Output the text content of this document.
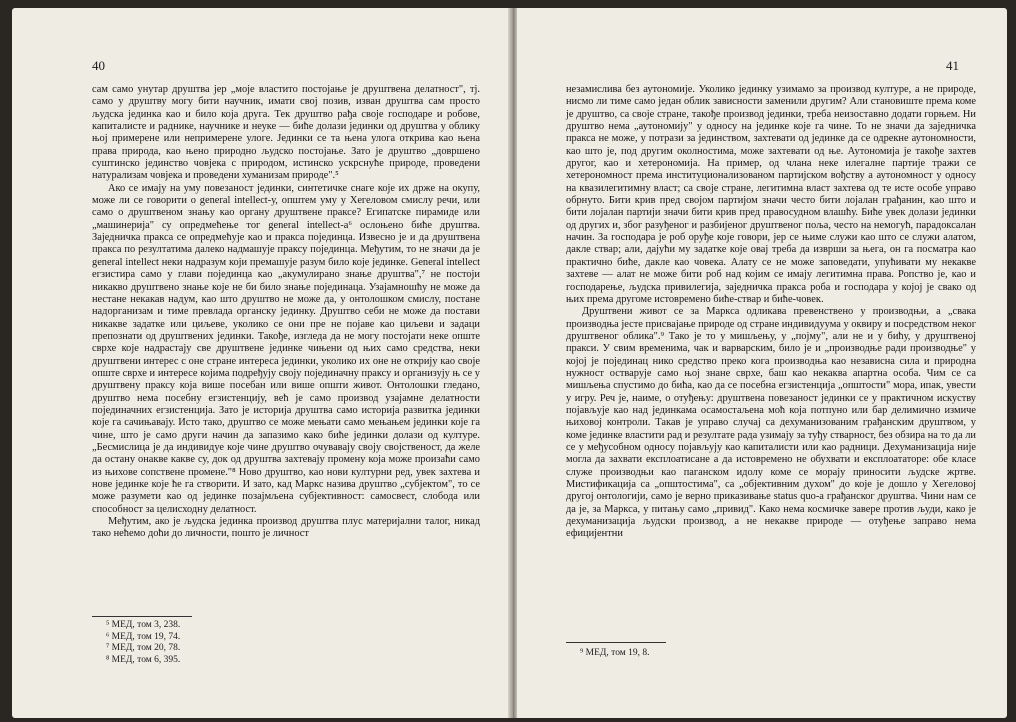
40

сам само унутар друштва јер „моје властито постојање је друштвена делатност", тј. само у друштву могу бити научник, имати свој позив, изван друштва сам просто људска јединка као и било која друга. Тек друштво рађа своје господаре и робове, капиталисте и раднике, научнике и неуке — биће долази јединки од друштва у облику њој примерене или непримерене улоге. Јединки се та њена улога открива као њена права природа, као њено природно људско постојање. Зато је друштво „довршено суштинско јединство човјека с природом, истинско ускрснуће природе, проведени натурализам човјека и проведени хуманизам природе".⁵

Ако се имају на уму повезаност јединки, синтетичке снаге које их држе на окупу, може ли се говорити о general intellect-у, општем уму у Хегеловом смислу речи, или само о друштвеном знању као органу друштвене праксе? Египатске пирамиде или „машинерија" су опредмећење тог general intellect-а⁶ ослоњено биће друштва. Заједничка пракса се опредмећује као и пракса појединца. Извесно је и да друштвена пракса по резултатима далеко надмашује праксу појединца. Међутим, то не значи да је general intellect неки надразум који премашује разум било које јединке. General intellect егзистира само у глави појединца као „акумулирано знање друштва",⁷ не постоји никакво друштвено знање које не би било знање појединаца. Узајамношћу не може да нестане некакав надум, као што друштво не може да, у онтолошком смислу, постане надорганизам и тиме превлада органску јединку. Друштво себи не може да постави никакве задатке или циљеве, уколико се они пре не појаве као циљеви и задаци препознати од друштвених јединки. Такође, изгледа да не могу постојати неке опште сврхе које надрастају све друштвене јединке чињени од њих само средства, неки друштвени интерес с оне стране интереса јединки, уколико их оне не открију као своје опште сврхе и интересе којима подређују своју појединачну праксу и организују њ се у друштвену праксу која више посебан или више општи живот. Онтолошки гледано, друштво нема посебну егзистенцију, већ је само производ узајамне делатности појединачних егзистенција. Зато је историја друштва само историја развитка јединки које га сачињавају. Исто тако, друштво се може мењати само мењањем јединки које га чине, што је само други начин да запазимо како биће јединки долази од културе. „Бесмислица је да индивидуе које чине друштво очувавају своју својственост, да желе да остану онакве какве су, док од друштва захтевају промену која може произаћи само из њихове сопствене промене."⁸ Ново друштво, као нови културни ред, увек захтева и нове јединке које ће га створити. И зато, кад Маркс назива друштво „субјектом", то се може разумети као од јединке позајмљена субјективност: самосвест, слобода или способност за целисходну делатност.

Међутим, ако је људска јединка производ друштва плус материјални талог, никад тако нећемо доћи до личности, пошто је личност

⁵ МЕД, том 3, 238.
⁶ МЕД, том 19, 74.
⁷ МЕД, том 20, 78.
⁸ МЕД, том 6, 395.
41

незамислива без аутономије. Уколико јединку узимамо за производ културе, а не природе, нисмо ли тиме само један облик зависности заменили другим? Али становиште према коме је друштво, са своје стране, такође производ јединки, треба неизоставно додати горњем. Ни друштво нема „аутономију" у односу на јединке које га чине. То не значи да заједничка пракса не може, у потрази за јединством, захтевати од јединке да се одрекне аутономности, као што је, под другим околностима, може захтевати од ње. Аутономија је такође захтев другог, као и хетерономија. На пример, од члана неке илегалне партије тражи се хетерономност према институционализованом партијском вођству а аутономност у односу на квазилегитимну власт; са своје стране, легитимна власт захтева од те исте особе управо обрнуто. Бити крив пред својом партијом значи често бити лојалан грађанин, као што и бити лојалан партији значи бити крив пред правосудном влашћу. Биће увек долази јединки од других и, због разуђеног и разбијеног друштвеног поља, често на немогућ, парадоксалан начин. За господара је роб оруђе које говори, јер се њиме служи као што се служи алатом, дакле ствар; али, дајући му задатке које овај треба да изврши за њега, он га посматра као практично биће, дакле као човека. Алату се не може заповедати, упућивати му некакве захтеве — алат не може бити роб над којим се имају легитимна права. Ропство је, као и господарење, људска привилегија, заједничка пракса роба и господара у којој је свако од њих према другоме истовремено биће-ствар и биће-човек.

Друштвени живот се за Маркса одликава превенствено у производњи, а „свака производња јесте присвајање природе од стране индивидуума у оквиру и посредством неког друштвеног облика".⁹ Тако је то у мишљењу, у „појму", али не и у бићу, у друштвеној пракси. У свим временима, чак и варварским, било је и „производње ради производње" у којој је појединац нико средство преко кога производња као независна сила и природна нужност остварује само њој знане сврхе, баш као некаква апартна особа. Чим се са мишљења спустимо до бића, као да се посебна егзистенција „општости" мора, ипак, увести у игру. Реч је, наиме, о отуђењу: друштвена повезаност јединки се у практичном искуству појављује као над јединкама осамостаљена моћ која потпуно или бар делимично измиче њиховој контроли. Такав је управо случај са дехуманизованим грађанским друштвом, у коме јединке властити рад и резултате рада узимају за туђу стварност, без обзира на то да ли се у међусобном односу појављују као капиталисти или као радници. Дехуманизација није могла да захвати експлоатисане а да истовремено не обухвати и експлоататоре: обе класе служе производњи као паганском идолу коме се морају приносити људске жртве. Мистификација са „општостима", са „објективним духом" до које је дошло у Хегеловој другој онтологији, само је верно приказивање status quo-а грађанског друштва. Чини нам се да је, за Маркса, у питању само „привид". Како нема космичке завере против људи, како је дехуманизација људски производ, а не некакве природе — отуђење заправо нема ефицијентни

⁹ МЕД, том 19, 8.
